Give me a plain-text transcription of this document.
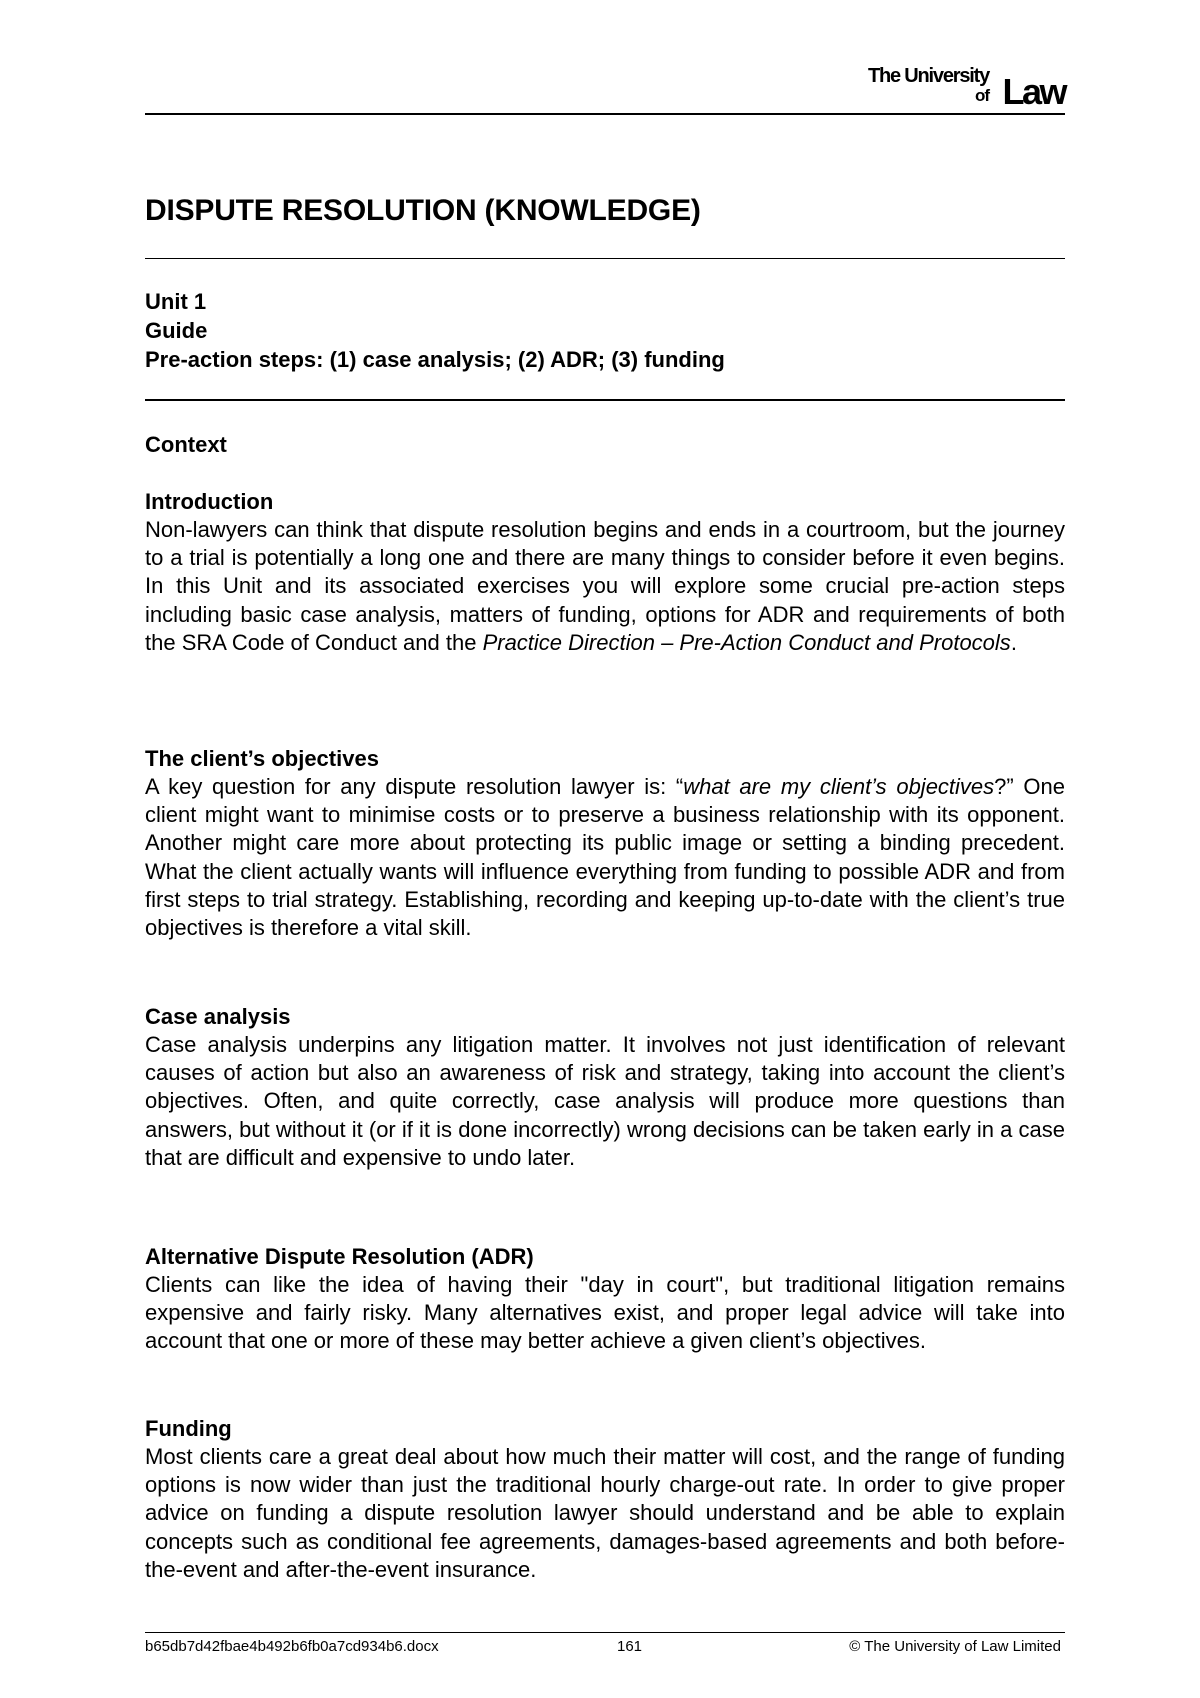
The University
of Law
DISPUTE RESOLUTION (KNOWLEDGE)
Unit 1
Guide
Pre-action steps: (1) case analysis; (2) ADR; (3) funding
Context
Introduction

Non-lawyers can think that dispute resolution begins and ends in a courtroom, but the journey to a trial is potentially a long one and there are many things to consider before it even begins. In this Unit and its associated exercises you will explore some crucial pre-action steps including basic case analysis, matters of funding, options for ADR and requirements of both the SRA Code of Conduct and the Practice Direction – Pre-Action Conduct and Protocols.

The client’s objectives

A key question for any dispute resolution lawyer is: “what are my client’s objectives?” One client might want to minimise costs or to preserve a business relationship with its opponent. Another might care more about protecting its public image or setting a binding precedent. What the client actually wants will influence everything from funding to possible ADR and from first steps to trial strategy. Establishing, recording and keeping up-to-date with the client’s true objectives is therefore a vital skill.

Case analysis

Case analysis underpins any litigation matter. It involves not just identification of relevant causes of action but also an awareness of risk and strategy, taking into account the client’s objectives. Often, and quite correctly, case analysis will produce more questions than answers, but without it (or if it is done incorrectly) wrong decisions can be taken early in a case that are difficult and expensive to undo later.

Alternative Dispute Resolution (ADR)

Clients can like the idea of having their "day in court", but traditional litigation remains expensive and fairly risky. Many alternatives exist, and proper legal advice will take into account that one or more of these may better achieve a given client’s objectives.

Funding

Most clients care a great deal about how much their matter will cost, and the range of funding options is now wider than just the traditional hourly charge-out rate. In order to give proper advice on funding a dispute resolution lawyer should understand and be able to explain concepts such as conditional fee agreements, damages-based agreements and both before-the-event and after-the-event insurance.

b65db7d42fbae4b492b6fb0a7cd934b6.docx	161	© The University of Law Limited
